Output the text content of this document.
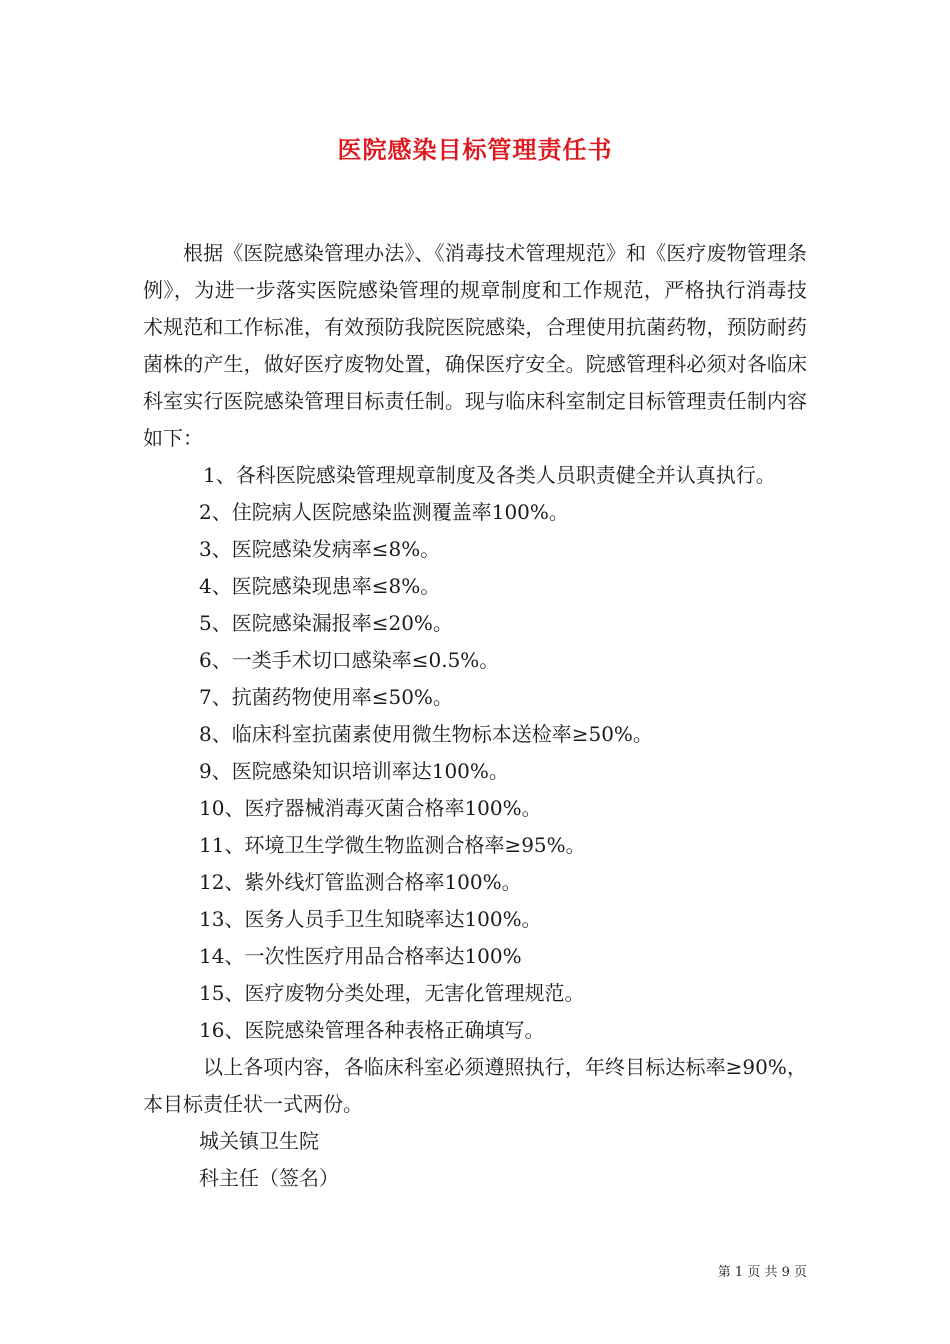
医院感染目标管理责任书

根据《医院感染管理办法》、《消毒技术管理规范》和《医疗废物管理条例》，为进一步落实医院感染管理的规章制度和工作规范，严格执行消毒技术规范和工作标准，有效预防我院医院感染，合理使用抗菌药物，预防耐药菌株的产生，做好医疗废物处置，确保医疗安全。院感管理科必须对各临床科室实行医院感染管理目标责任制。现与临床科室制定目标管理责任制内容如下：

1、各科医院感染管理规章制度及各类人员职责健全并认真执行。

2、住院病人医院感染监测覆盖率100%。

3、医院感染发病率≤8%。

4、医院感染现患率≤8%。

5、医院感染漏报率≤20%。

6、一类手术切口感染率≤0.5%。

7、抗菌药物使用率≤50%。

8、临床科室抗菌素使用微生物标本送检率≥50%。

9、医院感染知识培训率达100%。

10、医疗器械消毒灭菌合格率100%。

11、环境卫生学微生物监测合格率≥95%。

12、紫外线灯管监测合格率100%。

13、医务人员手卫生知晓率达100%。

14、一次性医疗用品合格率达100%

15、医疗废物分类处理，无害化管理规范。

16、医院感染管理各种表格正确填写。

以上各项内容，各临床科室必须遵照执行，年终目标达标率≥90%，本目标责任状一式两份。

城关镇卫生院

科主任（签名）

第 1 页 共 9 页
